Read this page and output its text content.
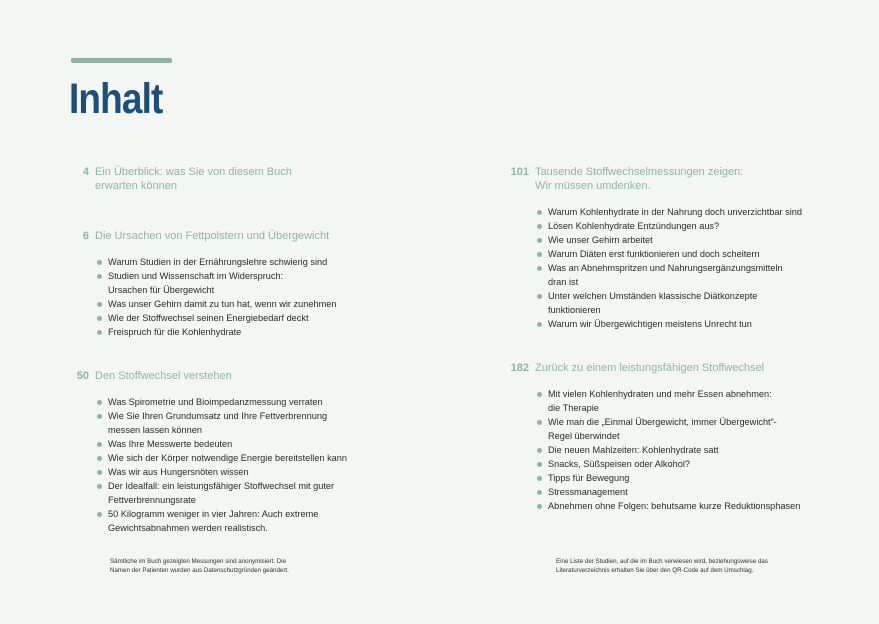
Inhalt
4 Ein Überblick: was Sie von diesem Buch
erwarten können
6 Die Ursachen von Fettpolstern und Übergewicht
Warum Studien in der Ernährungslehre schwierig sind
Studien und Wissenschaft im Widerspruch:
Ursachen für Übergewicht
Was unser Gehirn damit zu tun hat, wenn wir zunehmen
Wie der Stoffwechsel seinen Energiebedarf deckt
Freispruch für die Kohlenhydrate
50 Den Stoffwechsel verstehen
Was Spirometrie und Bioimpedanzmessung verraten
Wie Sie Ihren Grundumsatz und Ihre Fettverbrennung
messen lassen können
Was Ihre Messwerte bedeuten
Wie sich der Körper notwendige Energie bereitstellen kann
Was wir aus Hungersnöten wissen
Der Idealfall: ein leistungsfähiger Stoffwechsel mit guter
Fettverbrennungsrate
50 Kilogramm weniger in vier Jahren: Auch extreme
Gewichtsabnahmen werden realistisch.
101 Tausende Stoffwechselmessungen zeigen:
Wir müssen umdenken.
Warum Kohlenhydrate in der Nahrung doch unverzichtbar sind
Lösen Kohlenhydrate Entzündungen aus?
Wie unser Gehirn arbeitet
Warum Diäten erst funktionieren und doch scheitern
Was an Abnehmspritzen und Nahrungsergänzungsmitteln
dran ist
Unter welchen Umständen klassische Diätkonzepte
funktionieren
Warum wir Übergewichtigen meistens Unrecht tun
182 Zurück zu einem leistungsfähigen Stoffwechsel
Mit vielen Kohlenhydraten und mehr Essen abnehmen:
die Therapie
Wie man die „Einmal Übergewicht, immer Übergewicht“-
Regel überwindet
Die neuen Mahlzeiten: Kohlenhydrate satt
Snacks, Süßspeisen oder Alkohol?
Tipps für Bewegung
Stressmanagement
Abnehmen ohne Folgen: behutsame kurze Reduktionsphasen
Sämtliche im Buch gezeigten Messungen sind anonymisiert. Die
Namen der Patienten wurden aus Datenschutzgründen geändert.
Eine Liste der Studien, auf die im Buch verwiesen wird, beziehungsweise das
Literaturverzeichnis erhalten Sie über den QR-Code auf dem Umschlag.
